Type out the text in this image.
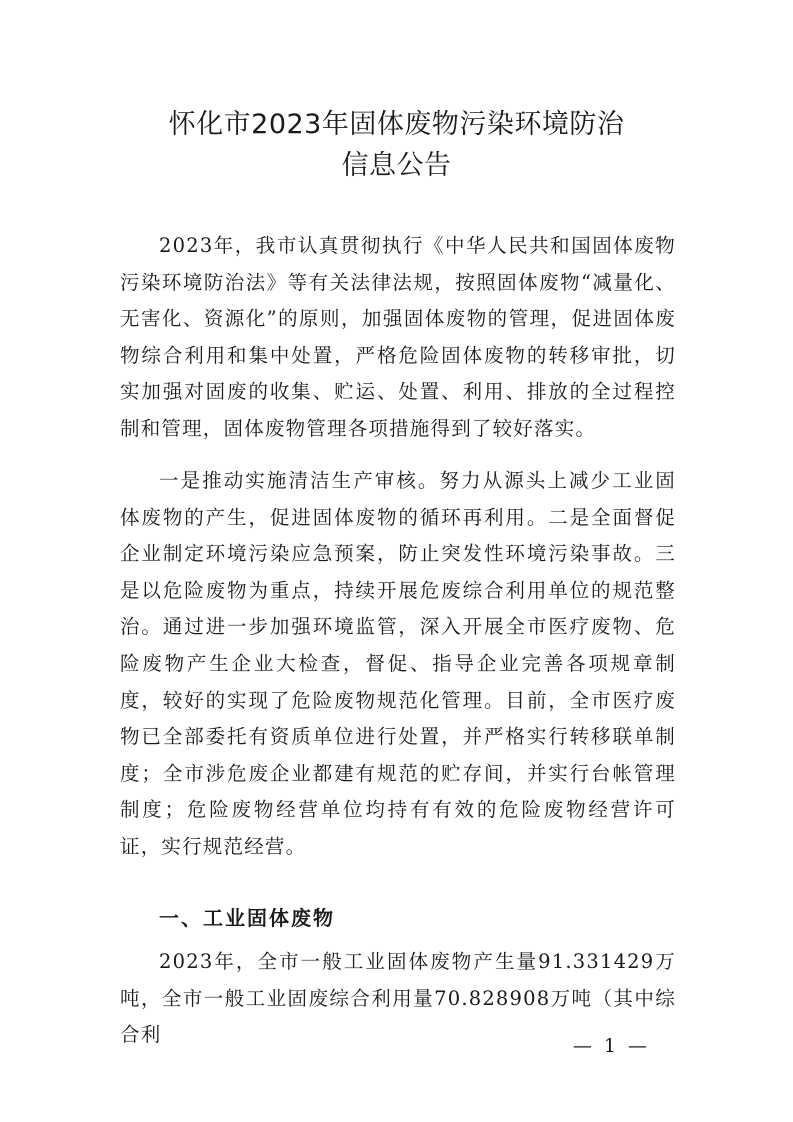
怀化市2023年固体废物污染环境防治
信息公告

2023年，我市认真贯彻执行《中华人民共和国固体废物污染环境防治法》等有关法律法规，按照固体废物“减量化、无害化、资源化”的原则，加强固体废物的管理，促进固体废物综合利用和集中处置，严格危险固体废物的转移审批，切实加强对固废的收集、贮运、处置、利用、排放的全过程控制和管理，固体废物管理各项措施得到了较好落实。

一是推动实施清洁生产审核。努力从源头上减少工业固体废物的产生，促进固体废物的循环再利用。二是全面督促企业制定环境污染应急预案，防止突发性环境污染事故。三是以危险废物为重点，持续开展危废综合利用单位的规范整治。通过进一步加强环境监管，深入开展全市医疗废物、危险废物产生企业大检查，督促、指导企业完善各项规章制度，较好的实现了危险废物规范化管理。目前，全市医疗废物已全部委托有资质单位进行处置，并严格实行转移联单制度；全市涉危废企业都建有规范的贮存间，并实行台帐管理制度；危险废物经营单位均持有有效的危险废物经营许可证，实行规范经营。

一、工业固体废物

2023年，全市一般工业固体废物产生量91.331429万吨，全市一般工业固废综合利用量70.828908万吨（其中综合利	— 1 —
